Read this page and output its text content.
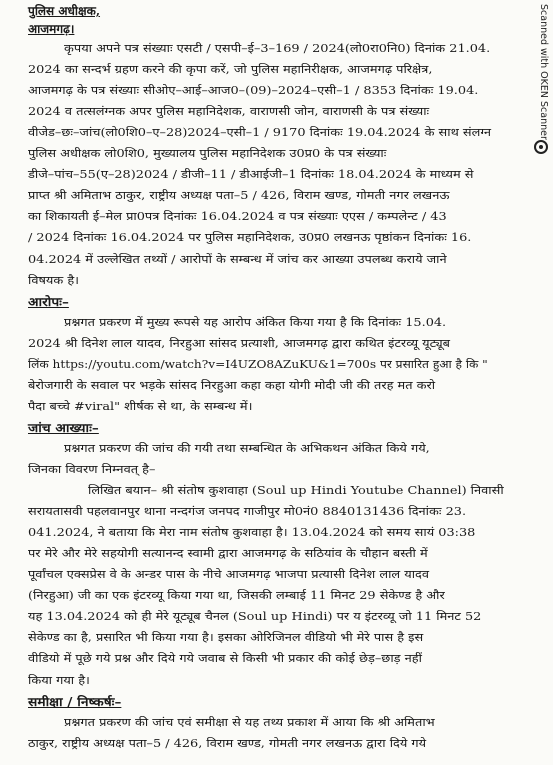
पुलिस अधीक्षक,
आजमगढ़।
कृपया अपने पत्र संख्याः एसटी / एसपी–ई–3–169 / 2024(लो0रा0नि0) दिनांक 21.04.
2024 का सन्दर्भ ग्रहण करने की कृपा करें, जो पुलिस महानिरीक्षक, आजमगढ़ परिक्षेत्र,
आजमगढ़ के पत्र संख्याः सीओए–आई–आज0–(09)–2024–एसी–1 / 8353 दिनांकः 19.04.
2024 व तत्सलंग्नक अपर पुलिस महानिदेशक, वाराणसी जोन, वाराणसी के पत्र संख्याः
वीजेड–छः–जांच(लो0शि0–ए–28)2024–एसी–1 / 9170 दिनांकः 19.04.2024 के साथ संलग्न
पुलिस अधीक्षक लो0शि0, मुख्यालय पुलिस महानिदेशक उ0प्र0 के पत्र संख्याः
डीजे–पांच–55(ए–28)2024 / डीजी–11 / डीआईजी–1 दिनांकः 18.04.2024 के माध्यम से
प्राप्त श्री अमिताभ ठाकुर, राष्ट्रीय अध्यक्ष पता–5 / 426, विराम खण्ड, गोमती नगर लखनऊ
का शिकायती ई–मेल प्रा0पत्र दिनांकः 16.04.2024 व पत्र संख्याः एएस / कम्पलेन्ट / 43
/ 2024 दिनांकः 16.04.2024 पर पुलिस महानिदेशक, उ0प्र0 लखनऊ पृष्ठांकन दिनांकः 16.
04.2024 में उल्लेखित तथ्यों / आरोपों के सम्बन्ध में जांच कर आख्या उपलब्ध कराये जाने
विषयक है।
आरोपः–
प्रश्नगत प्रकरण में मुख्य रूपसे यह आरोप अंकित किया गया है कि दिनांकः 15.04.
2024 श्री दिनेश लाल यादव, निरहुआ सांसद प्रत्याशी, आजमगढ़ द्वारा कथित इंटरव्यू यूट्यूब
लिंक https://youtu.com/watch?v=I4UZO8AZuKU&1=700s पर प्रसारित हुआ है कि "
बेरोजगारी के सवाल पर भड़के सांसद निरहुआ कहा कहा योगी मोदी जी की तरह मत करो
पैदा बच्चे #viral" शीर्षक से था, के सम्बन्ध में।
जांच आख्याः–
प्रश्नगत प्रकरण की जांच की गयी तथा सम्बन्धित के अभिकथन अंकित किये गये,
जिनका विवरण निम्नवत् है–
लिखित बयान– श्री संतोष कुशवाहा (Soul up Hindi Youtube Channel) निवासी
सरायतासवी पहलवानपुर थाना नन्दगंज जनपद गाजीपुर मो0नं0 8840131436 दिनांकः 23.
041.2024, ने बताया कि मेरा नाम संतोष कुशवाहा है। 13.04.2024 को समय सायं 03:38
पर मेरे और मेरे सहयोगी सत्यानन्द स्वामी द्वारा आजमगढ़ के सठियांव के चौहान बस्ती में
पूर्वांचल एक्सप्रेस वे के अन्डर पास के नीचे आजमगढ़ भाजपा प्रत्यासी दिनेश लाल यादव
(निरहुआ) जी का एक इंटरव्यू किया गया था, जिसकी लम्बाई 11 मिनट 29 सेकेण्ड है और
यह 13.04.2024 को ही मेरे यूट्यूब चैनल (Soul up Hindi) पर य इंटरव्यू जो 11 मिनट 52
सेकेण्ड का है, प्रसारित भी किया गया है। इसका ओरिजिनल वीडियो भी मेरे पास है इस
वीडियो में पूछे गये प्रश्न और दिये गये जवाब से किसी भी प्रकार की कोई छेड़–छाड़ नहीं
किया गया है।
समीक्षा / निष्कर्षः–
प्रश्नगत प्रकरण की जांच एवं समीक्षा से यह तथ्य प्रकाश में आया कि श्री अमिताभ
ठाकुर, राष्ट्रीय अध्यक्ष पता–5 / 426, विराम खण्ड, गोमती नगर लखनऊ द्वारा दिये गये
Scanned with OKEN Scanner
